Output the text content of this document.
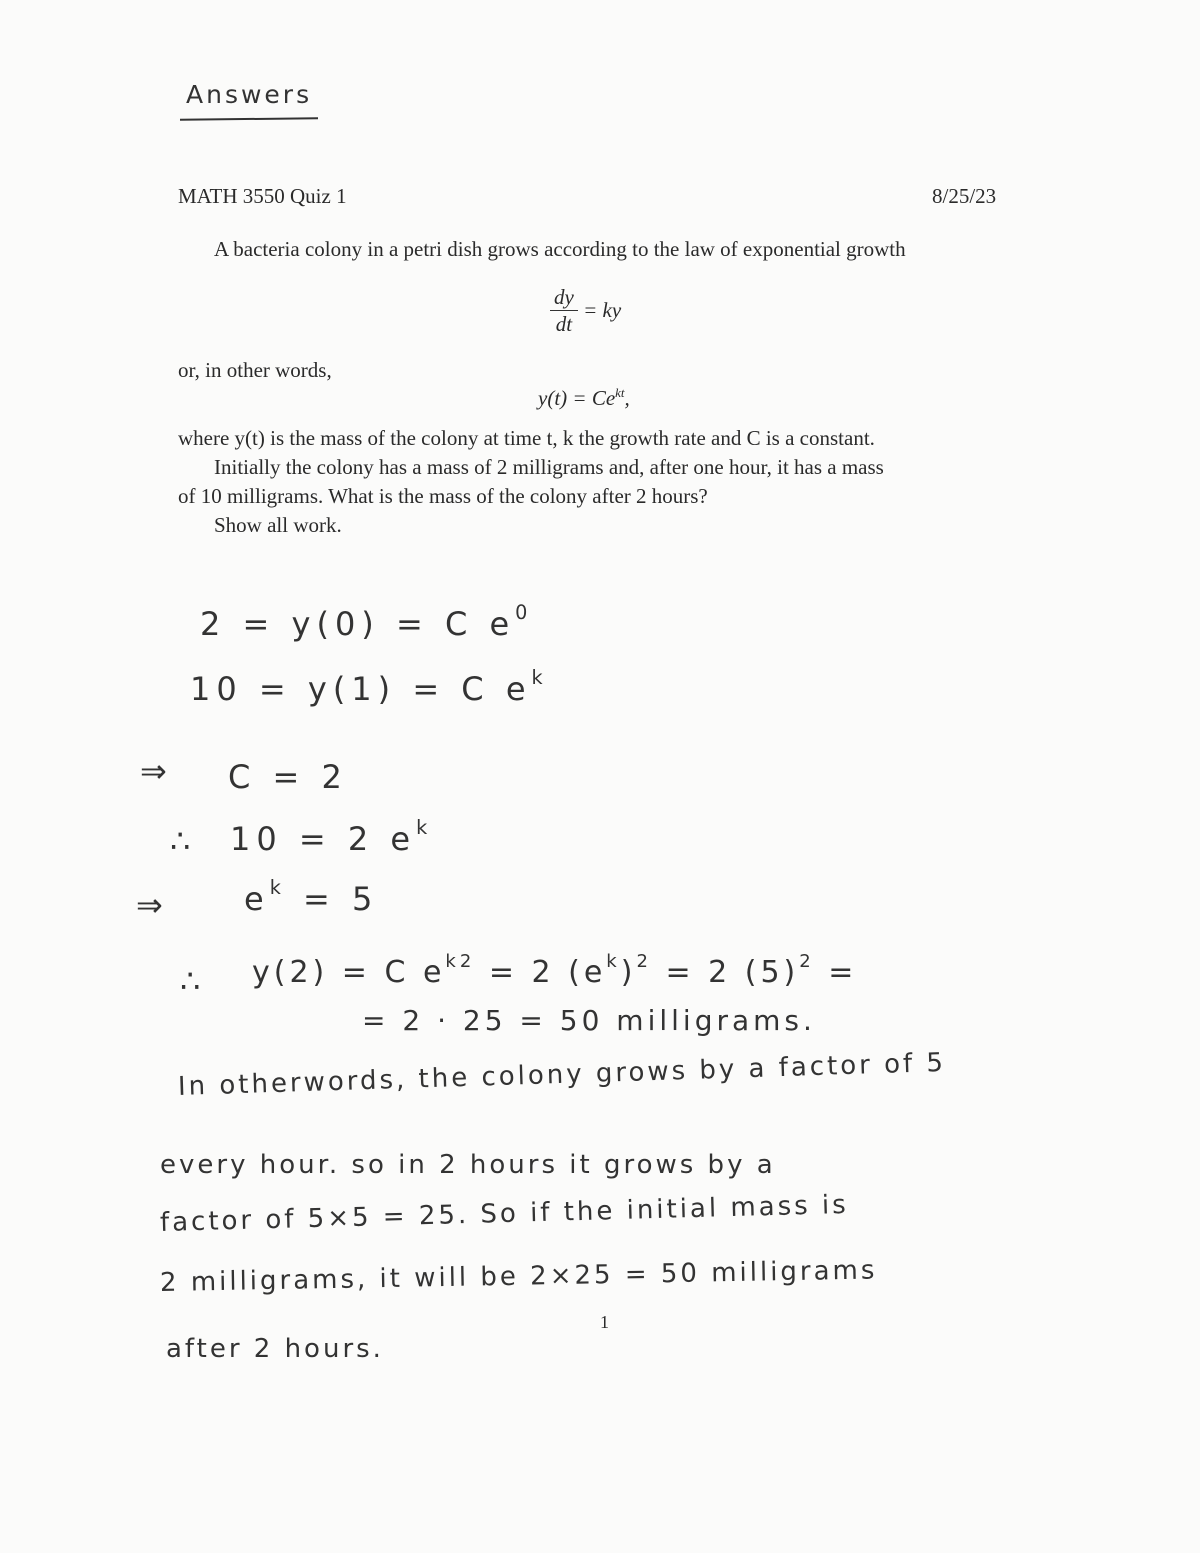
Answers
MATH 3550 Quiz 1	8/25/23
A bacteria colony in a petri dish grows according to the law of exponential growth
$\frac{dy}{dt}$ = ky
or, in other words,
$y(t) = Ce^{kt}$,
where y(t) is the mass of the colony at time t, k the growth rate and C is a constant.
Initially the colony has a mass of 2 milligrams and, after one hour, it has a mass
of 10 milligrams. What is the mass of the colony after 2 hours?
Show all work.
2 = y(0) = C $e^0$
10 = y(1) = C $e^k$
⇒ C = 2
∴ 10 = 2 $e^k$
⇒ $e^k = 5$
∴ y(2) = C $e^{k2} = 2$ $(e^k)^2 = 2$ $(5)^2$ =
= 2 · 25 = 50 milligrams.
In otherwords, the colony grows by a factor of 5
every hour. so in 2 hours it grows by a
factor of 5×5 = 25. So if the initial mass is
2 milligrams, it will be 2×25 = 50 milligrams
after 2 hours.
1
